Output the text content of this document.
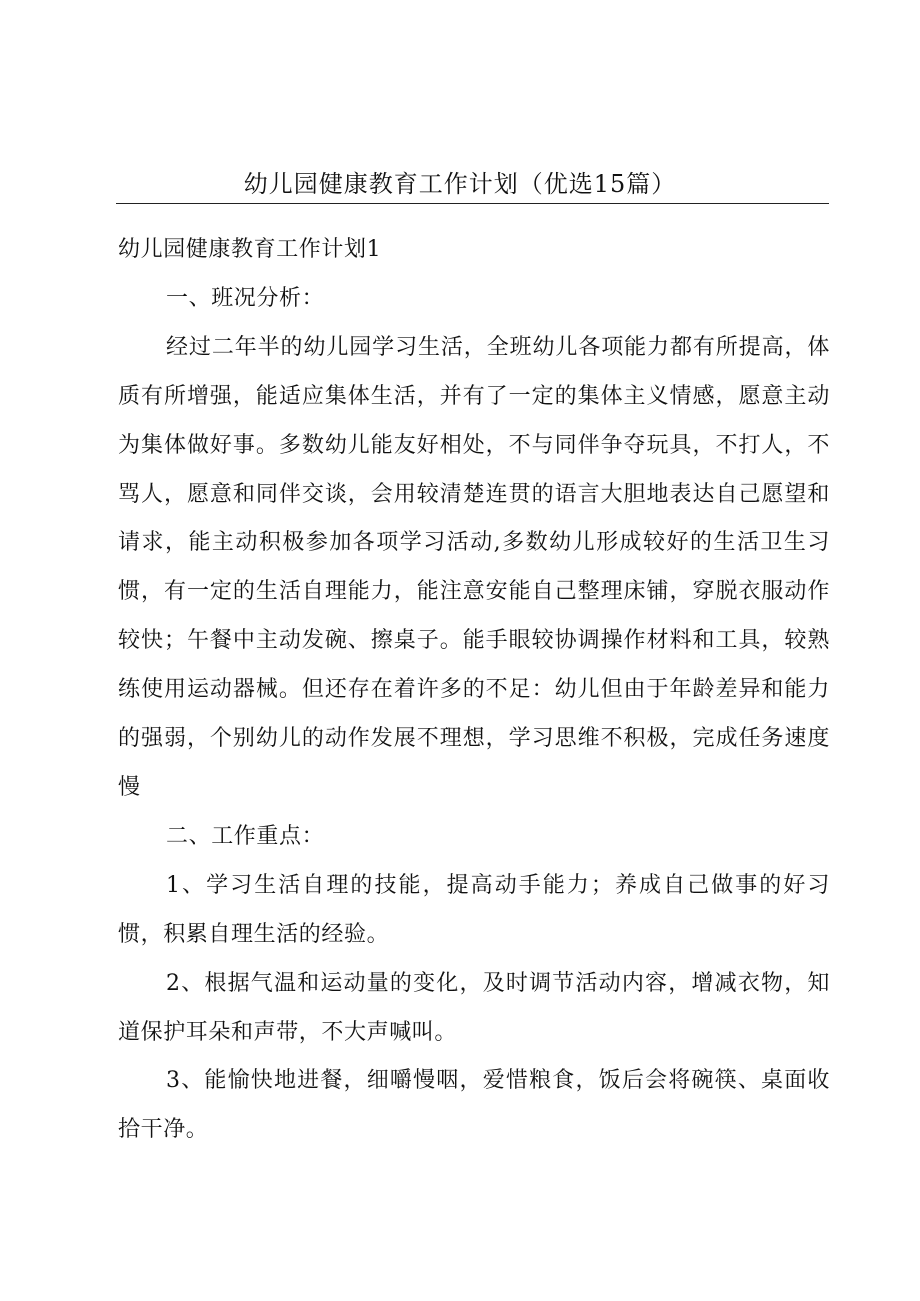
幼儿园健康教育工作计划（优选15篇）

幼儿园健康教育工作计划1

一、班况分析：

经过二年半的幼儿园学习生活，全班幼儿各项能力都有所提高，体质有所增强，能适应集体生活，并有了一定的集体主义情感，愿意主动为集体做好事。多数幼儿能友好相处，不与同伴争夺玩具，不打人，不骂人，愿意和同伴交谈，会用较清楚连贯的语言大胆地表达自己愿望和请求，能主动积极参加各项学习活动,多数幼儿形成较好的生活卫生习惯，有一定的生活自理能力，能注意安能自己整理床铺，穿脱衣服动作较快；午餐中主动发碗、擦桌子。能手眼较协调操作材料和工具，较熟练使用运动器械。但还存在着许多的不足：幼儿但由于年龄差异和能力的强弱，个别幼儿的动作发展不理想，学习思维不积极，完成任务速度慢

二、工作重点：

1、学习生活自理的技能，提高动手能力；养成自己做事的好习惯，积累自理生活的经验。

2、根据气温和运动量的变化，及时调节活动内容，增减衣物，知道保护耳朵和声带，不大声喊叫。

3、能愉快地进餐，细嚼慢咽，爱惜粮食，饭后会将碗筷、桌面收拾干净。
